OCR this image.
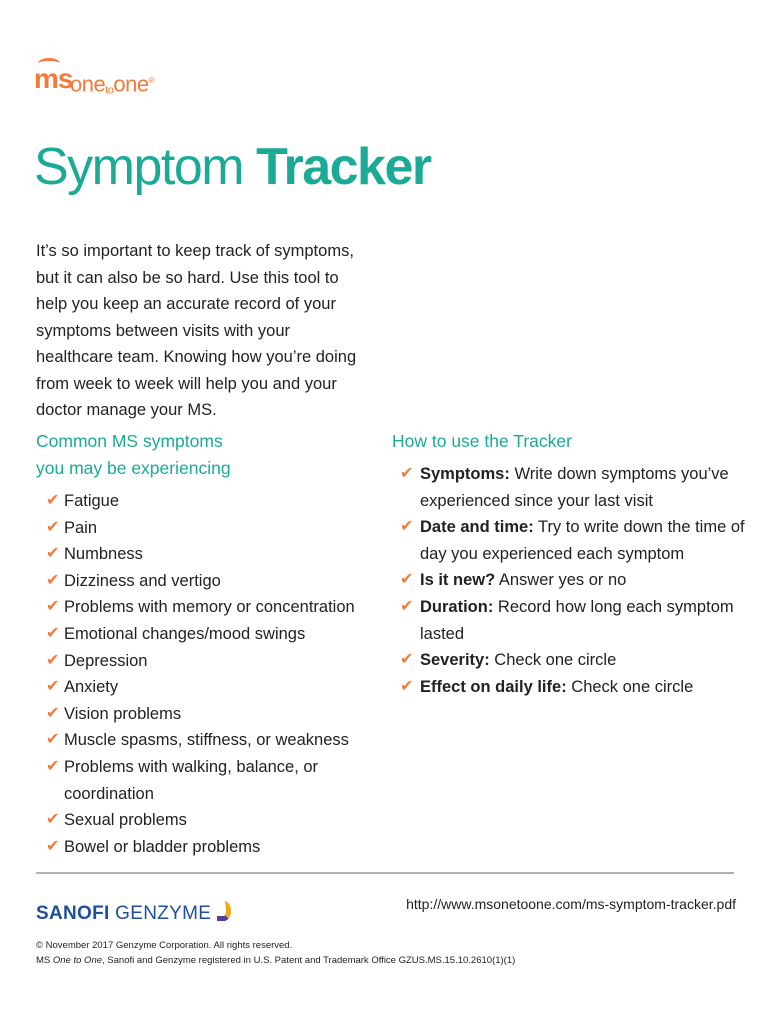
ms
one$_{to}$one®
Symptom Tracker

It’s so important to keep track of symptoms, but it can also be so hard. Use this tool to help you keep an accurate record of your symptoms between visits with your healthcare team. Knowing how you’re doing from week to week will help you and your doctor manage your MS.

Common MS symptoms
you may be experiencing
✔ Fatigue
✔ Pain
✔ Numbness
✔ Dizziness and vertigo
✔ Problems with memory or concentration
✔ Emotional changes/mood swings
✔ Depression
✔ Anxiety
✔ Vision problems
✔ Muscle spasms, stiffness, or weakness
✔ Problems with walking, balance, or coordination
✔ Sexual problems
✔ Bowel or bladder problems
How to use the Tracker
✔ Symptoms: Write down symptoms you’ve experienced since your last visit
✔ Date and time: Try to write down the time of day you experienced each symptom
✔ Is it new? Answer yes or no
✔ Duration: Record how long each symptom lasted
✔ Severity: Check one circle
✔ Effect on daily life: Check one circle
http://www.msonetoone.com/ms-symptom-tracker.pdf
SANOFI GENZYME
© November 2017 Genzyme Corporation. All rights reserved.
MS One to One, Sanofi and Genzyme registered in U.S. Patent and Trademark Office GZUS.MS.15.10.2610(1)(1)
